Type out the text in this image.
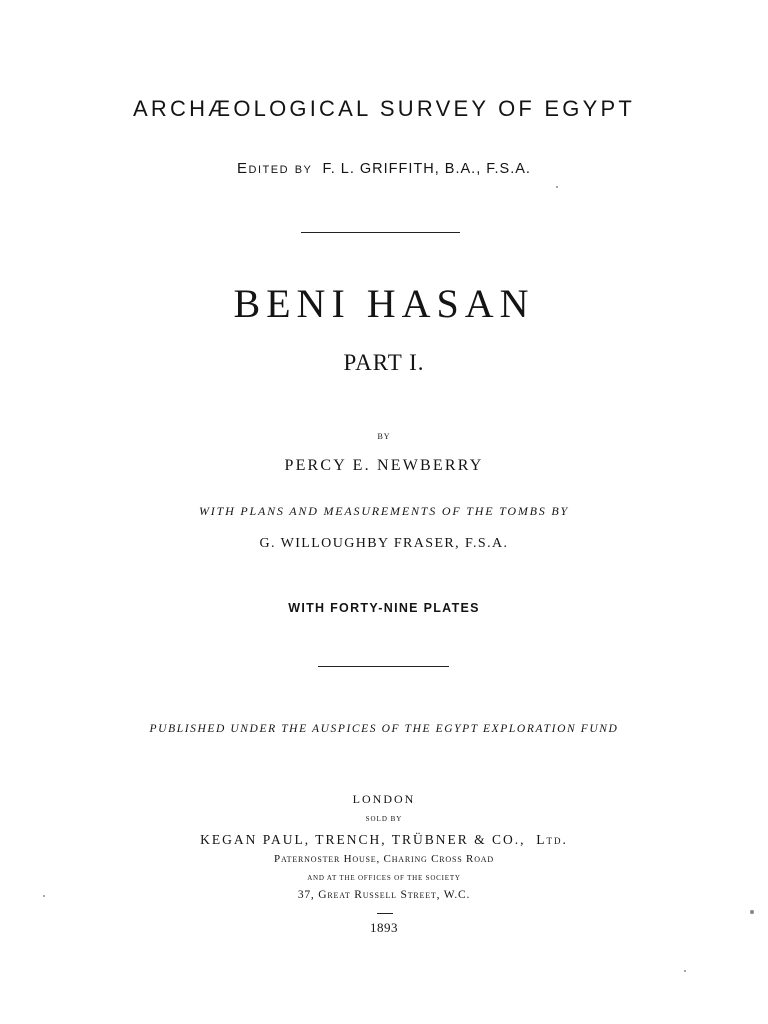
ARCHÆOLOGICAL SURVEY OF EGYPT
Edited by F. L. GRIFFITH, B.A., F.S.A.
BENI HASAN
PART I.
BY
PERCY E. NEWBERRY
WITH PLANS AND MEASUREMENTS OF THE TOMBS BY
G. WILLOUGHBY FRASER, F.S.A.
WITH FORTY-NINE PLATES
PUBLISHED UNDER THE AUSPICES OF THE EGYPT EXPLORATION FUND
LONDON
SOLD BY
KEGAN PAUL, TRENCH, TRÜBNER & CO., Ltd.
Paternoster House, Charing Cross Road
AND AT THE OFFICES OF THE SOCIETY
37, Great Russell Street, W.C.
1893
